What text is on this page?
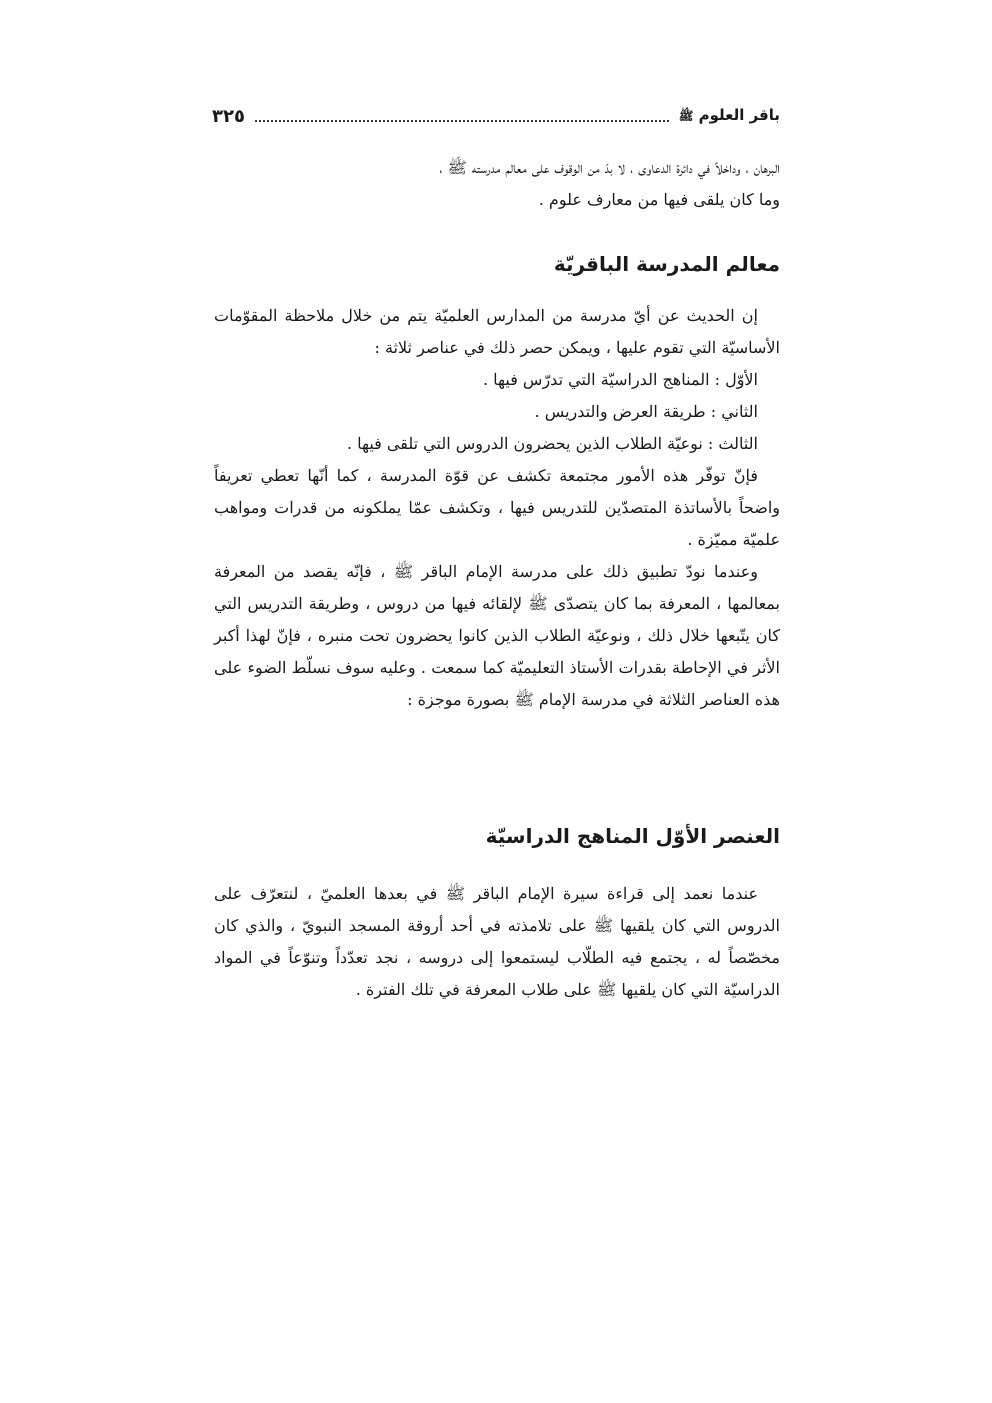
باقر العلوم ﷺ
٣٢٥

البرهان ، وداخلاً في دائرة الدعاوى ، لا بدّ من الوقوف على معالم مدرسته ﷺ ،

وما كان يلقى فيها من معارف علوم .

معالم المدرسة الباقريّة

إن الحديث عن أيّ مدرسة من المدارس العلميّة يتم من خلال ملاحظة المقوّمات الأساسيّة التي تقوم عليها ، ويمكن حصر ذلك في عناصر ثلاثة :

الأوّل : المناهج الدراسيّة التي تدرّس فيها .

الثاني : طريقة العرض والتدريس .

الثالث : نوعيّة الطلاب الذين يحضرون الدروس التي تلقى فيها .

فإنّ توفّر هذه الأمور مجتمعة تكشف عن قوّة المدرسة ، كما أنّها تعطي تعريفاً واضحاً بالأساتذة المتصدّين للتدريس فيها ، وتكشف عمّا يملكونه من قدرات ومواهب علميّة مميّزة .

وعندما نودّ تطبيق ذلك على مدرسة الإمام الباقر ﷺ ، فإنّه يقصد من المعرفة بمعالمها ، المعرفة بما كان يتصدّى ﷺ لإلقائه فيها من دروس ، وطريقة التدريس التي كان يتّبعها خلال ذلك ، ونوعيّة الطلاب الذين كانوا يحضرون تحت منبره ، فإنّ لهذا أكبر الأثر في الإحاطة بقدرات الأستاذ التعليميّة كما سمعت . وعليه سوف نسلّط الضوء على هذه العناصر الثلاثة في مدرسة الإمام ﷺ بصورة موجزة :

العنصر الأوّل المناهج الدراسيّة

عندما نعمد إلى قراءة سيرة الإمام الباقر ﷺ في بعدها العلميّ ، لنتعرّف على الدروس التي كان يلقيها ﷺ على تلامذته في أحد أروقة المسجد النبويّ ، والذي كان مخصّصاً له ، يجتمع فيه الطلّاب ليستمعوا إلى دروسه ، نجد تعدّداً وتنوّعاً في المواد الدراسيّة التي كان يلقيها ﷺ على طلاب المعرفة في تلك الفترة .
